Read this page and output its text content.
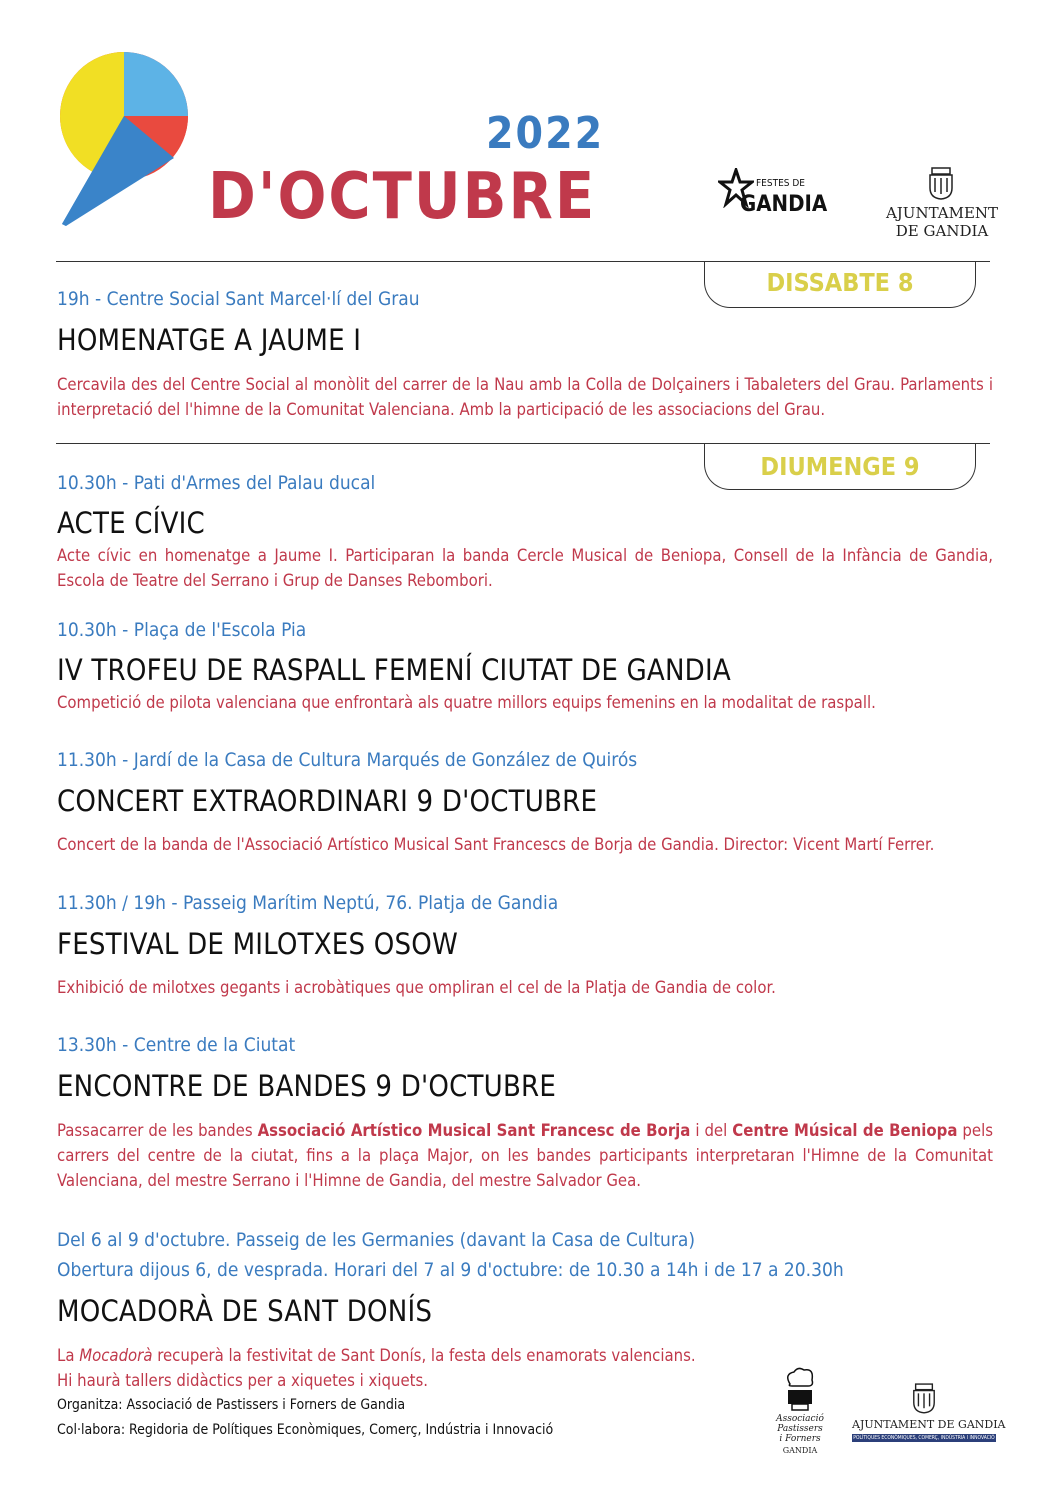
2022
D'OCTUBRE	FESTES DE
GANDIA	AJUNTAMENT
DE GANDIA
DISSABTE 8
19h - Centre Social Sant Marcel·lí del Grau
HOMENATGE A JAUME I
Cercavila des del Centre Social al monòlit del carrer de la Nau amb la Colla de Dolçainers i Tabaleters del Grau. Parlaments i interpretació del l'himne de la Comunitat Valenciana. Amb la participació de les associacions del Grau.
DIUMENGE 9
10.30h - Pati d'Armes del Palau ducal
ACTE CÍVIC
Acte cívic en homenatge a Jaume I. Participaran la banda Cercle Musical de Beniopa, Consell de la Infància de Gandia, Escola de Teatre del Serrano i Grup de Danses Rebombori.
10.30h - Plaça de l'Escola Pia
IV TROFEU DE RASPALL FEMENÍ CIUTAT DE GANDIA
Competició de pilota valenciana que enfrontarà als quatre millors equips femenins en la modalitat de raspall.
11.30h - Jardí de la Casa de Cultura Marqués de González de Quirós
CONCERT EXTRAORDINARI 9 D'OCTUBRE
Concert de la banda de l'Associació Artístico Musical Sant Francescs de Borja de Gandia. Director: Vicent Martí Ferrer.
11.30h / 19h - Passeig Marítim Neptú, 76. Platja de Gandia
FESTIVAL DE MILOTXES OSOW
Exhibició de milotxes gegants i acrobàtiques que ompliran el cel de la Platja de Gandia de color.
13.30h - Centre de la Ciutat
ENCONTRE DE BANDES 9 D'OCTUBRE
Passacarrer de les bandes Associació Artístico Musical Sant Francesc de Borja i del Centre Músical de Beniopa pels carrers del centre de la ciutat, fins a la plaça Major, on les bandes participants interpretaran l'Himne de la Comunitat Valenciana, del mestre Serrano i l'Himne de Gandia, del mestre Salvador Gea.
Del 6 al 9 d'octubre. Passeig de les Germanies (davant la Casa de Cultura)
Obertura dijous 6, de vesprada. Horari del 7 al 9 d'octubre: de 10.30 a 14h i de 17 a 20.30h
MOCADORÀ DE SANT DONÍS
La Mocadorà recuperà la festivitat de Sant Donís, la festa dels enamorats valencians.
Hi haurà tallers didàctics per a xiquetes i xiquets.
Organitza: Associació de Pastissers i Forners de Gandia
Col·labora: Regidoria de Polítiques Econòmiques, Comerç, Indústria i Innovació
Associació
Pastissers
i Forners
GANDIA
AJUNTAMENT DE GANDIA
POLÍTIQUES ECONÒMIQUES, COMERÇ, INDÚSTRIA I INNOVACIÓ
